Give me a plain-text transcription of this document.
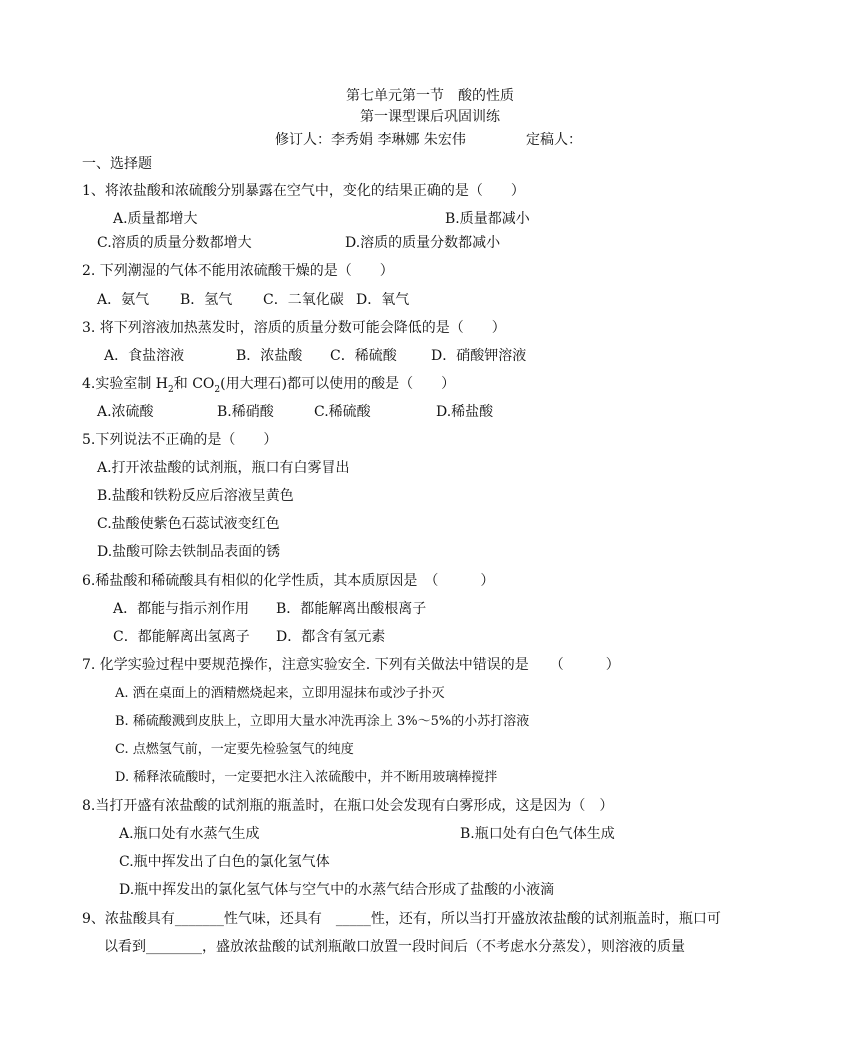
第七单元第一节　酸的性质
第一课型课后巩固训练
修订人：李秀娟 李琳娜 朱宏伟	定稿人：
一、选择题
1、将浓盐酸和浓硫酸分别暴露在空气中，变化的结果正确的是（　　）
A.质量都增大	B.质量都减小
C.溶质的质量分数都增大	D.溶质的质量分数都减小
2. 下列潮湿的气体不能用浓硫酸干燥的是（　　）
A．氨气 B．氢气 C．二氧化碳 D．氧气
3. 将下列溶液加热蒸发时，溶质的质量分数可能会降低的是（　　）
A．食盐溶液	B．浓盐酸 C．稀硫酸 D．硝酸钾溶液
4.实验室制 $H_2$和 $CO_2$(用大理石)都可以使用的酸是（　　）
A.浓硫酸	B.稀硝酸	C.稀硫酸	D.稀盐酸
5.下列说法不正确的是（　　）
A.打开浓盐酸的试剂瓶，瓶口有白雾冒出
B.盐酸和铁粉反应后溶液呈黄色
C.盐酸使紫色石蕊试液变红色
D.盐酸可除去铁制品表面的锈
6.稀盐酸和稀硫酸具有相似的化学性质，其本质原因是　（　　　）
A．都能与指示剂作用 B．都能解离出酸根离子
C．都能解离出氢离子 D．都含有氢元素
7. 化学实验过程中要规范操作，注意实验安全. 下列有关做法中错误的是　　（　　　）
A. 洒在桌面上的酒精燃烧起来，立即用湿抹布或沙子扑灭
B. 稀硫酸溅到皮肤上，立即用大量水冲洗再涂上 3%～5%的小苏打溶液
C. 点燃氢气前，一定要先检验氢气的纯度
D. 稀释浓硫酸时，一定要把水注入浓硫酸中，并不断用玻璃棒搅拌
8.当打开盛有浓盐酸的试剂瓶的瓶盖时，在瓶口处会发现有白雾形成，这是因为（　）
A.瓶口处有水蒸气生成	B.瓶口处有白色气体生成
C.瓶中挥发出了白色的氯化氢气体
D.瓶中挥发出的氯化氢气体与空气中的水蒸气结合形成了盐酸的小液滴
9、浓盐酸具有_______性气味，还具有　_____性，还有，所以当打开盛放浓盐酸的试剂瓶盖时，瓶口可
以看到________，盛放浓盐酸的试剂瓶敞口放置一段时间后（不考虑水分蒸发），则溶液的质量
